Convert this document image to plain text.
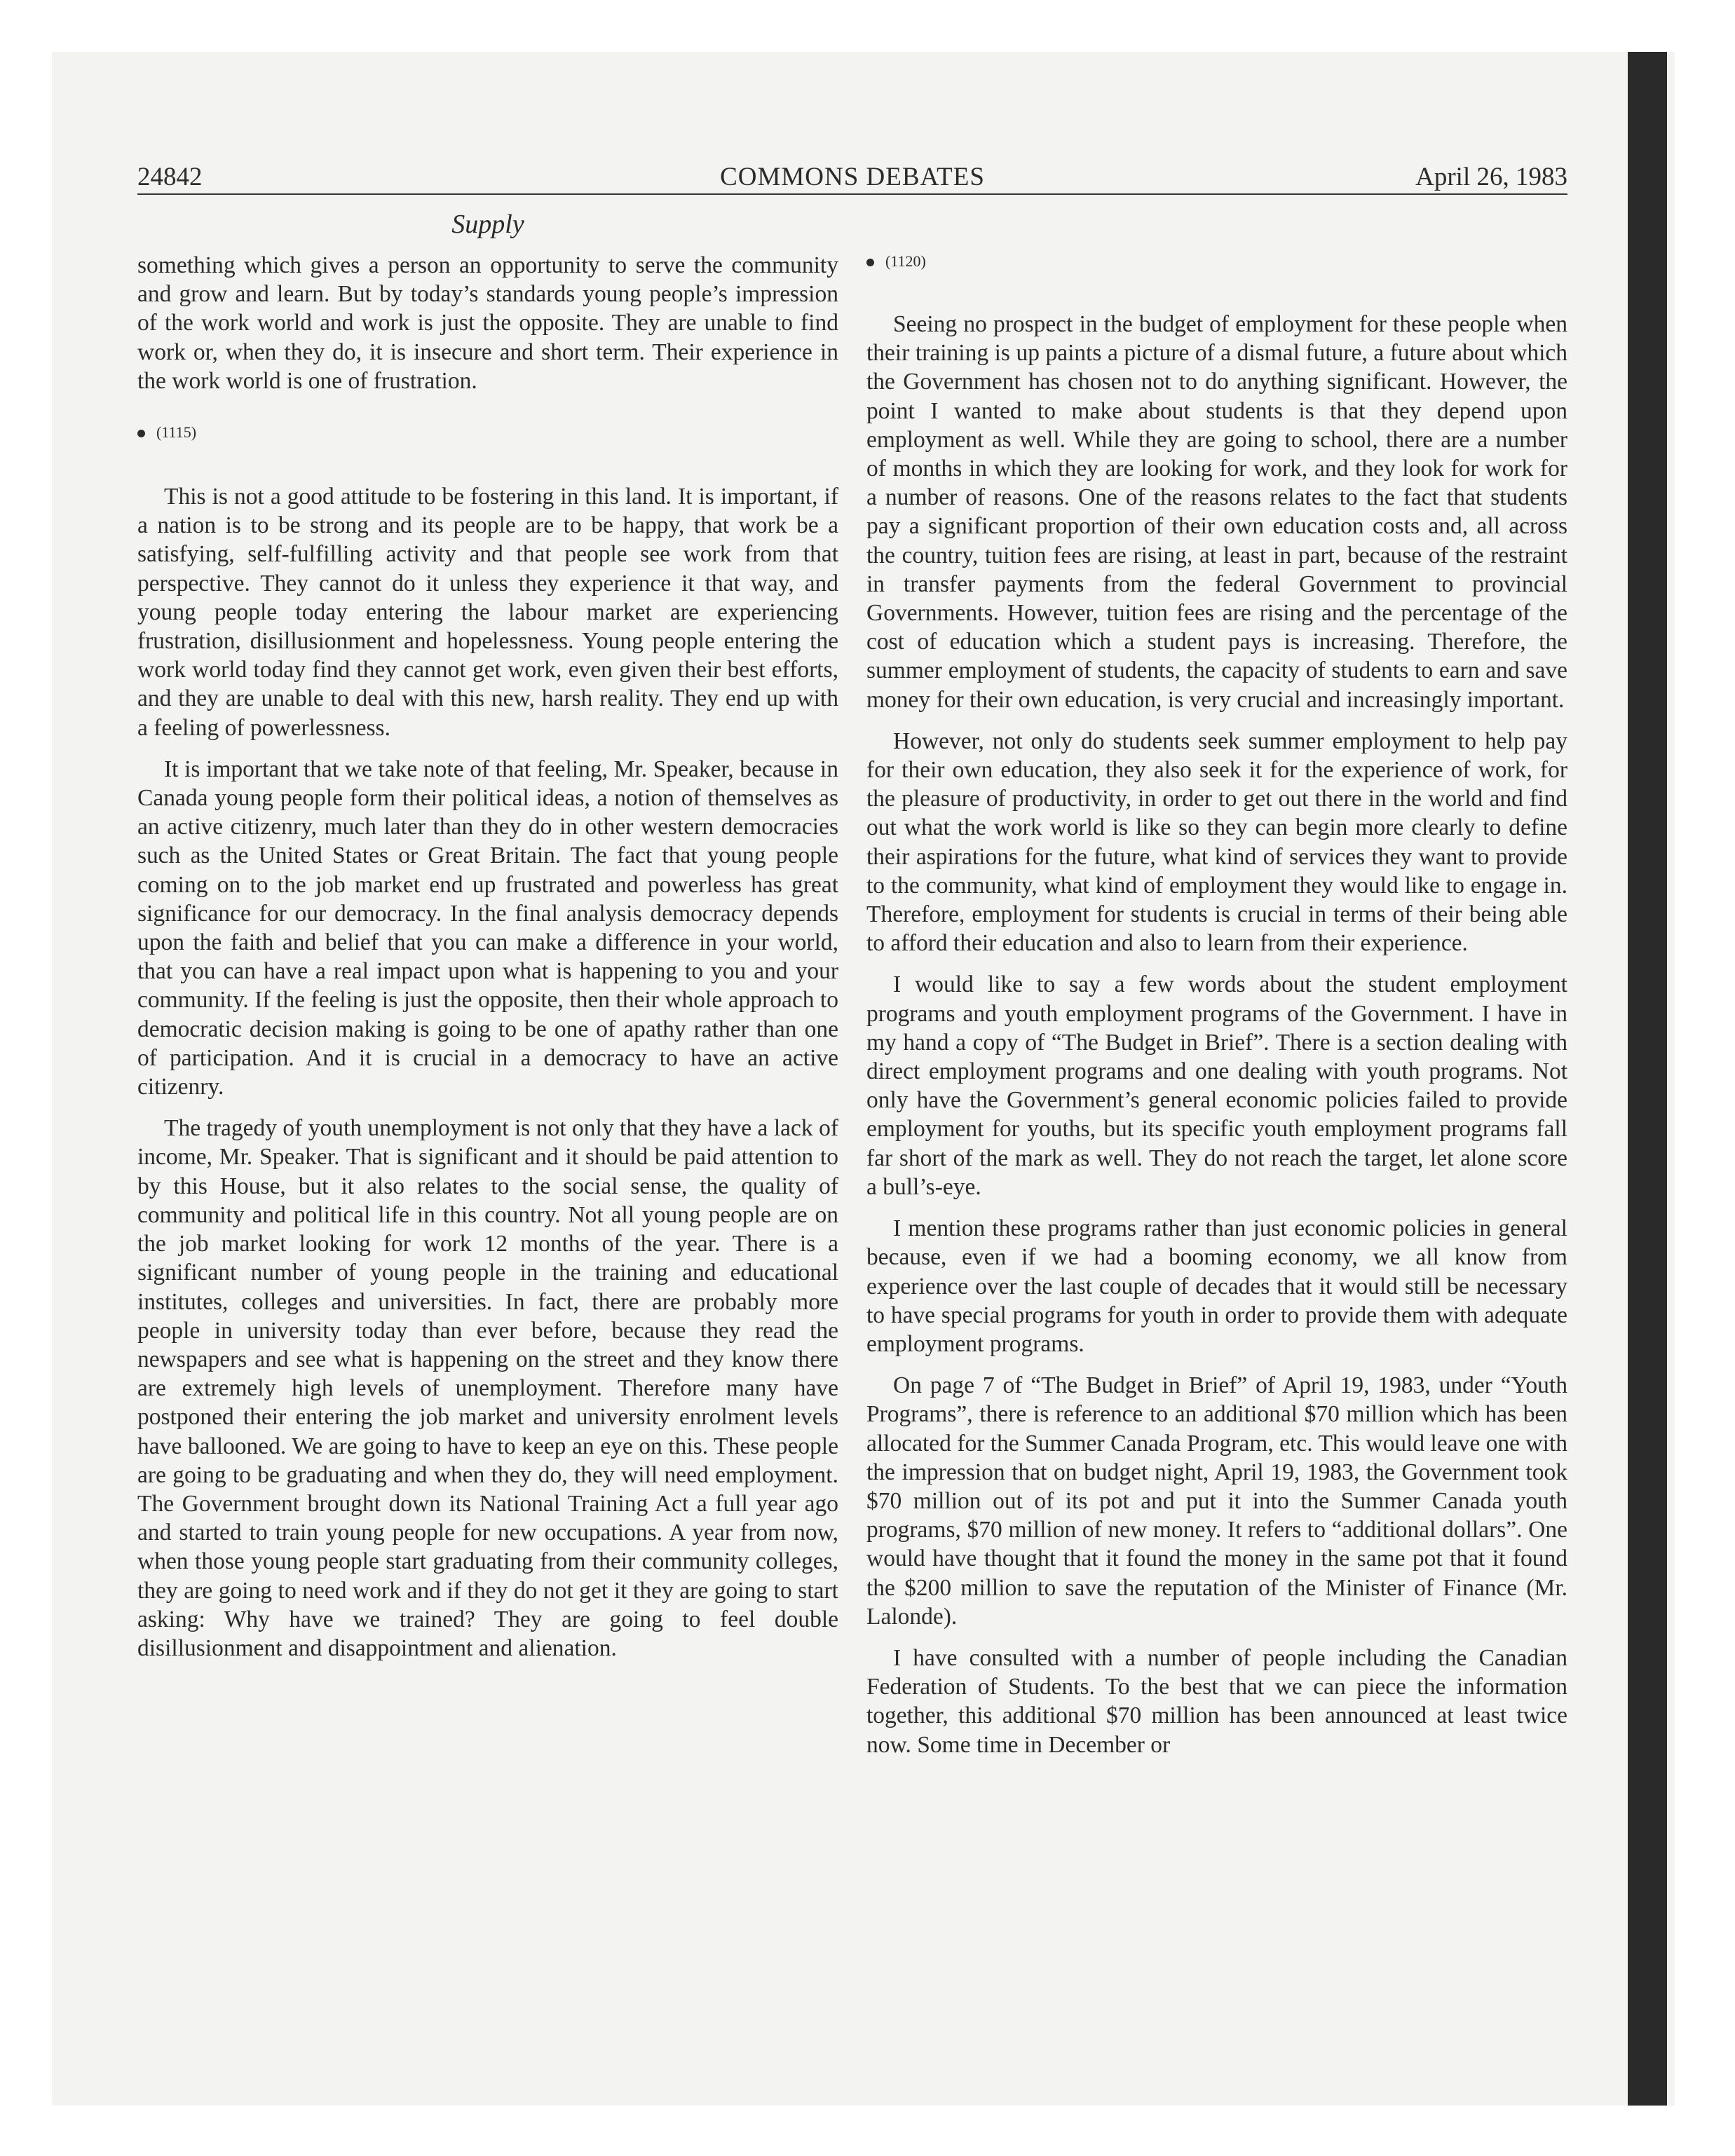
24842	COMMONS DEBATES	April 26, 1983
Supply

something which gives a person an opportunity to serve the community and grow and learn. But by today’s standards young people’s impression of the work world and work is just the opposite. They are unable to find work or, when they do, it is insecure and short term. Their experience in the work world is one of frustration.

(1115)

This is not a good attitude to be fostering in this land. It is important, if a nation is to be strong and its people are to be happy, that work be a satisfying, self-fulfilling activity and that people see work from that perspective. They cannot do it unless they experience it that way, and young people today entering the labour market are experiencing frustration, disillusionment and hopelessness. Young people entering the work world today find they cannot get work, even given their best efforts, and they are unable to deal with this new, harsh reality. They end up with a feeling of powerlessness.

It is important that we take note of that feeling, Mr. Speaker, because in Canada young people form their political ideas, a notion of themselves as an active citizenry, much later than they do in other western democracies such as the United States or Great Britain. The fact that young people coming on to the job market end up frustrated and powerless has great significance for our democracy. In the final analysis democracy depends upon the faith and belief that you can make a difference in your world, that you can have a real impact upon what is happening to you and your community. If the feeling is just the opposite, then their whole approach to democratic decision making is going to be one of apathy rather than one of participation. And it is crucial in a democracy to have an active citizenry.

The tragedy of youth unemployment is not only that they have a lack of income, Mr. Speaker. That is significant and it should be paid attention to by this House, but it also relates to the social sense, the quality of community and political life in this country. Not all young people are on the job market looking for work 12 months of the year. There is a significant number of young people in the training and educational institutes, colleges and universities. In fact, there are probably more people in university today than ever before, because they read the newspapers and see what is happening on the street and they know there are extremely high levels of unemployment. Therefore many have postponed their entering the job market and university enrolment levels have ballooned. We are going to have to keep an eye on this. These people are going to be graduating and when they do, they will need employment. The Government brought down its National Training Act a full year ago and started to train young people for new occupations. A year from now, when those young people start graduating from their community colleges, they are going to need work and if they do not get it they are going to start asking: Why have we trained? They are going to feel double disillusionment and disappointment and alienation.

(1120)

Seeing no prospect in the budget of employment for these people when their training is up paints a picture of a dismal future, a future about which the Government has chosen not to do anything significant. However, the point I wanted to make about students is that they depend upon employment as well. While they are going to school, there are a number of months in which they are looking for work, and they look for work for a number of reasons. One of the reasons relates to the fact that students pay a significant proportion of their own education costs and, all across the country, tuition fees are rising, at least in part, because of the restraint in transfer payments from the federal Government to provincial Governments. However, tuition fees are rising and the percentage of the cost of education which a student pays is increasing. Therefore, the summer employment of students, the capacity of students to earn and save money for their own education, is very crucial and increasingly important.

However, not only do students seek summer employment to help pay for their own education, they also seek it for the experience of work, for the pleasure of productivity, in order to get out there in the world and find out what the work world is like so they can begin more clearly to define their aspirations for the future, what kind of services they want to provide to the community, what kind of employment they would like to engage in. Therefore, employment for students is crucial in terms of their being able to afford their education and also to learn from their experience.

I would like to say a few words about the student employment programs and youth employment programs of the Government. I have in my hand a copy of “The Budget in Brief”. There is a section dealing with direct employment programs and one dealing with youth programs. Not only have the Government’s general economic policies failed to provide employment for youths, but its specific youth employment programs fall far short of the mark as well. They do not reach the target, let alone score a bull’s-eye.

I mention these programs rather than just economic policies in general because, even if we had a booming economy, we all know from experience over the last couple of decades that it would still be necessary to have special programs for youth in order to provide them with adequate employment programs.

On page 7 of “The Budget in Brief” of April 19, 1983, under “Youth Programs”, there is reference to an additional $70 million which has been allocated for the Summer Canada Program, etc. This would leave one with the impression that on budget night, April 19, 1983, the Government took $70 million out of its pot and put it into the Summer Canada youth programs, $70 million of new money. It refers to “additional dollars”. One would have thought that it found the money in the same pot that it found the $200 million to save the reputation of the Minister of Finance (Mr. Lalonde).

I have consulted with a number of people including the Canadian Federation of Students. To the best that we can piece the information together, this additional $70 million has been announced at least twice now. Some time in December or
